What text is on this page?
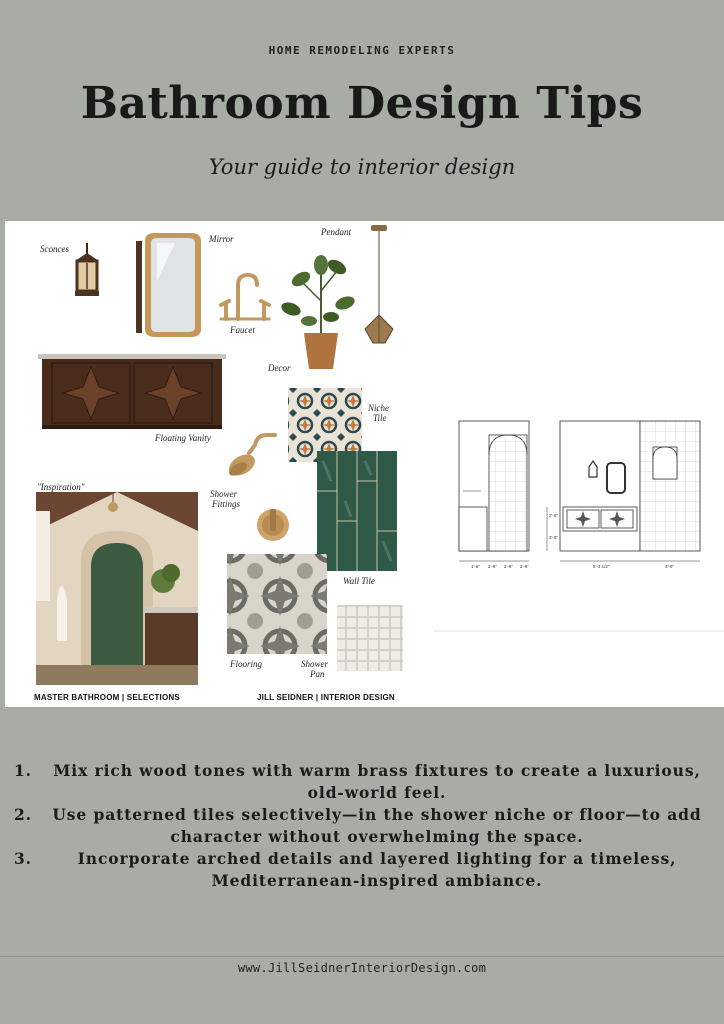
HOME REMODELING EXPERTS
Bathroom Design Tips
Your guide to interior design
Sconces
Mirror
Pendant
Faucet
Decor
Floating Vanity
Niche
Tile
Shower
Fittings
"Inspiration"
Wall Tile
Flooring	Shower
Pan
1'-6" 2'-6" 2'-6" 2'-6"	5'-3 1/2"	4'-0"
2'-6"
3'-0"
MASTER BATHROOM | SELECTIONS	JILL SEIDNER | INTERIOR DESIGN
1. Mix rich wood tones with warm brass fixtures to create a luxurious, old-world feel.
2. Use patterned tiles selectively—in the shower niche or floor—to add character without overwhelming the space.
3.	Incorporate arched details and layered lighting for a timeless, Mediterranean-inspired ambiance.
www.JillSeidnerInteriorDesign.com
